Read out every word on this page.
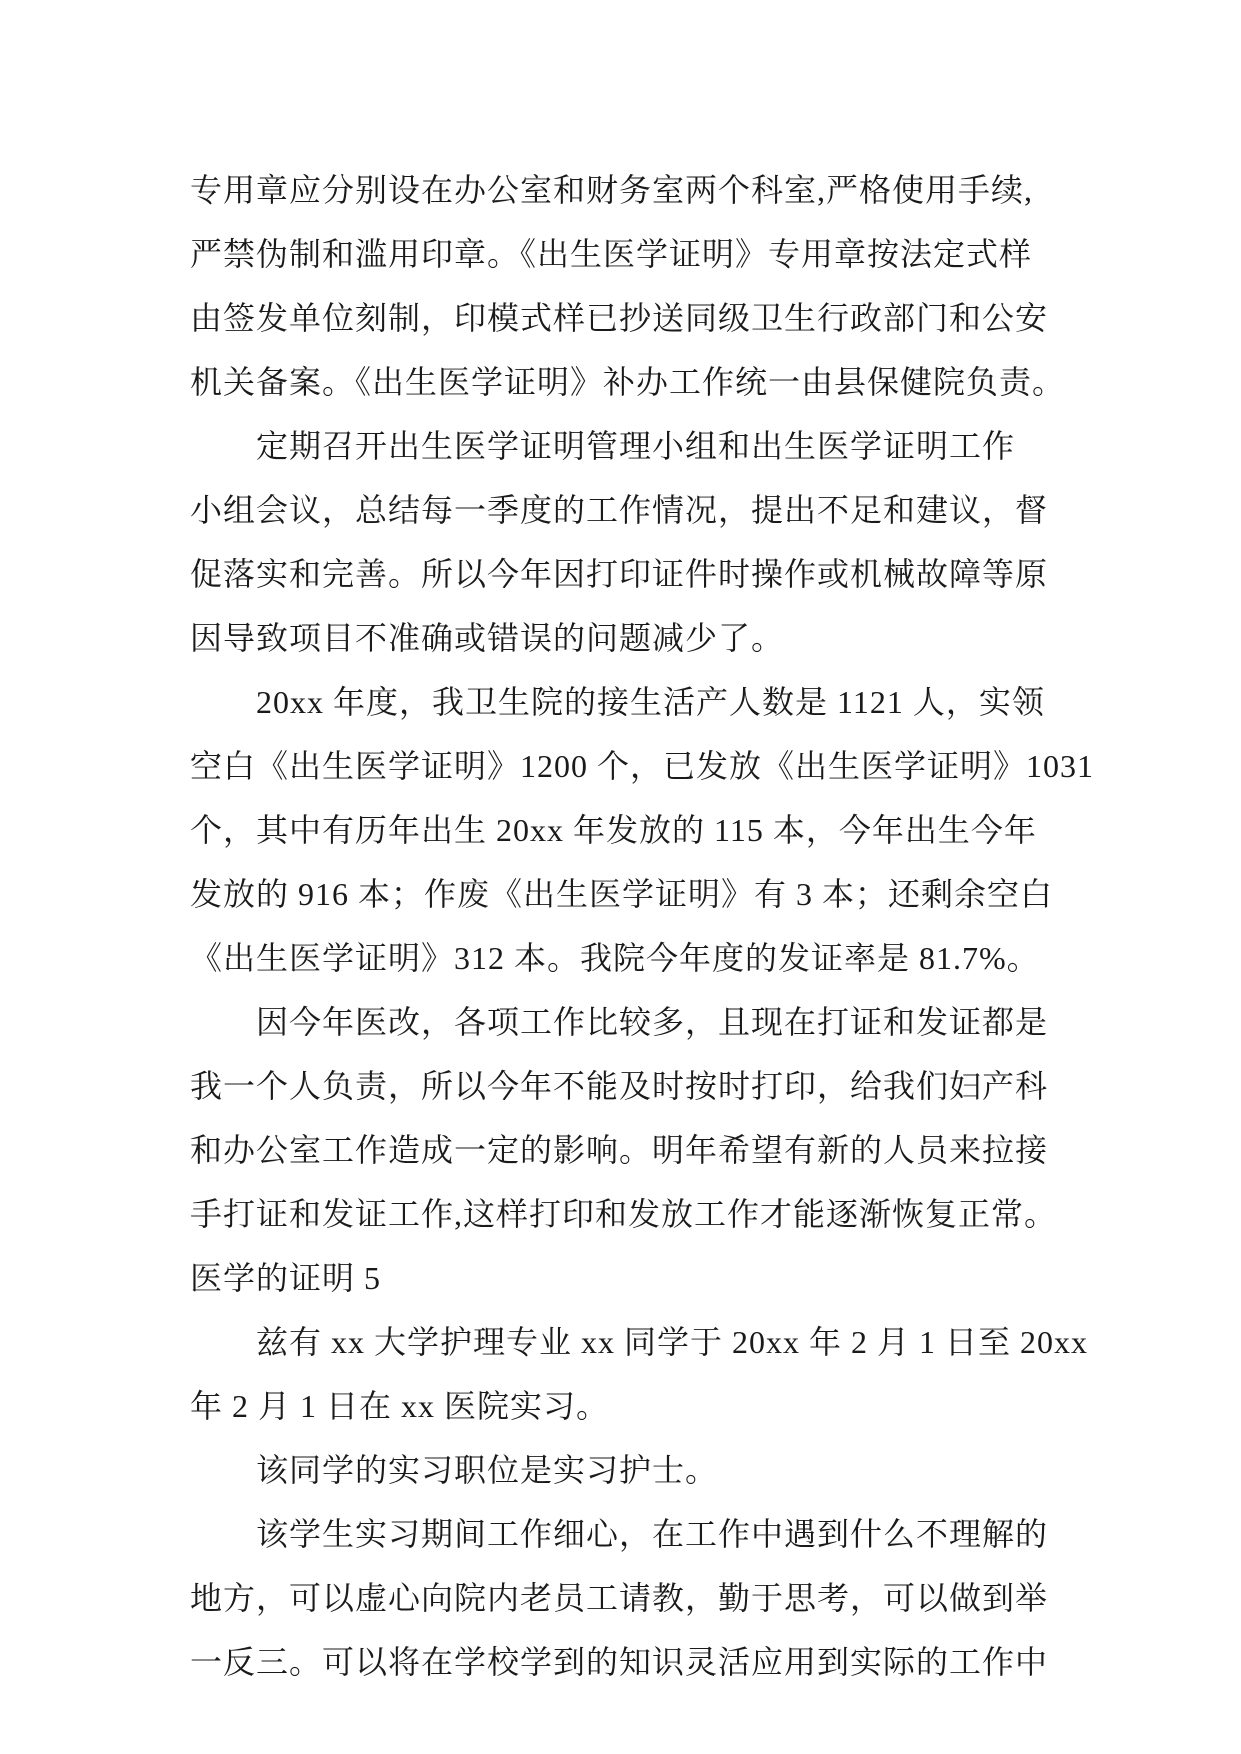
专用章应分别设在办公室和财务室两个科室,严格使用手续,
严禁伪制和滥用印章。《出生医学证明》专用章按法定式样
由签发单位刻制，印模式样已抄送同级卫生行政部门和公安
机关备案。《出生医学证明》补办工作统一由县保健院负责。
定期召开出生医学证明管理小组和出生医学证明工作
小组会议，总结每一季度的工作情况，提出不足和建议，督
促落实和完善。所以今年因打印证件时操作或机械故障等原
因导致项目不准确或错误的问题减少了。
20xx 年度，我卫生院的接生活产人数是 1121 人，实领
空白《出生医学证明》1200 个，已发放《出生医学证明》1031
个，其中有历年出生 20xx 年发放的 115 本，今年出生今年
发放的 916 本；作废《出生医学证明》有 3 本；还剩余空白
《出生医学证明》312 本。我院今年度的发证率是 81.7%。
因今年医改，各项工作比较多，且现在打证和发证都是
我一个人负责，所以今年不能及时按时打印，给我们妇产科
和办公室工作造成一定的影响。明年希望有新的人员来拉接
手打证和发证工作,这样打印和发放工作才能逐渐恢复正常。
医学的证明 5
兹有 xx 大学护理专业 xx 同学于 20xx 年 2 月 1 日至 20xx
年 2 月 1 日在 xx 医院实习。
该同学的实习职位是实习护士。
该学生实习期间工作细心，在工作中遇到什么不理解的
地方，可以虚心向院内老员工请教，勤于思考，可以做到举
一反三。可以将在学校学到的知识灵活应用到实际的工作中
